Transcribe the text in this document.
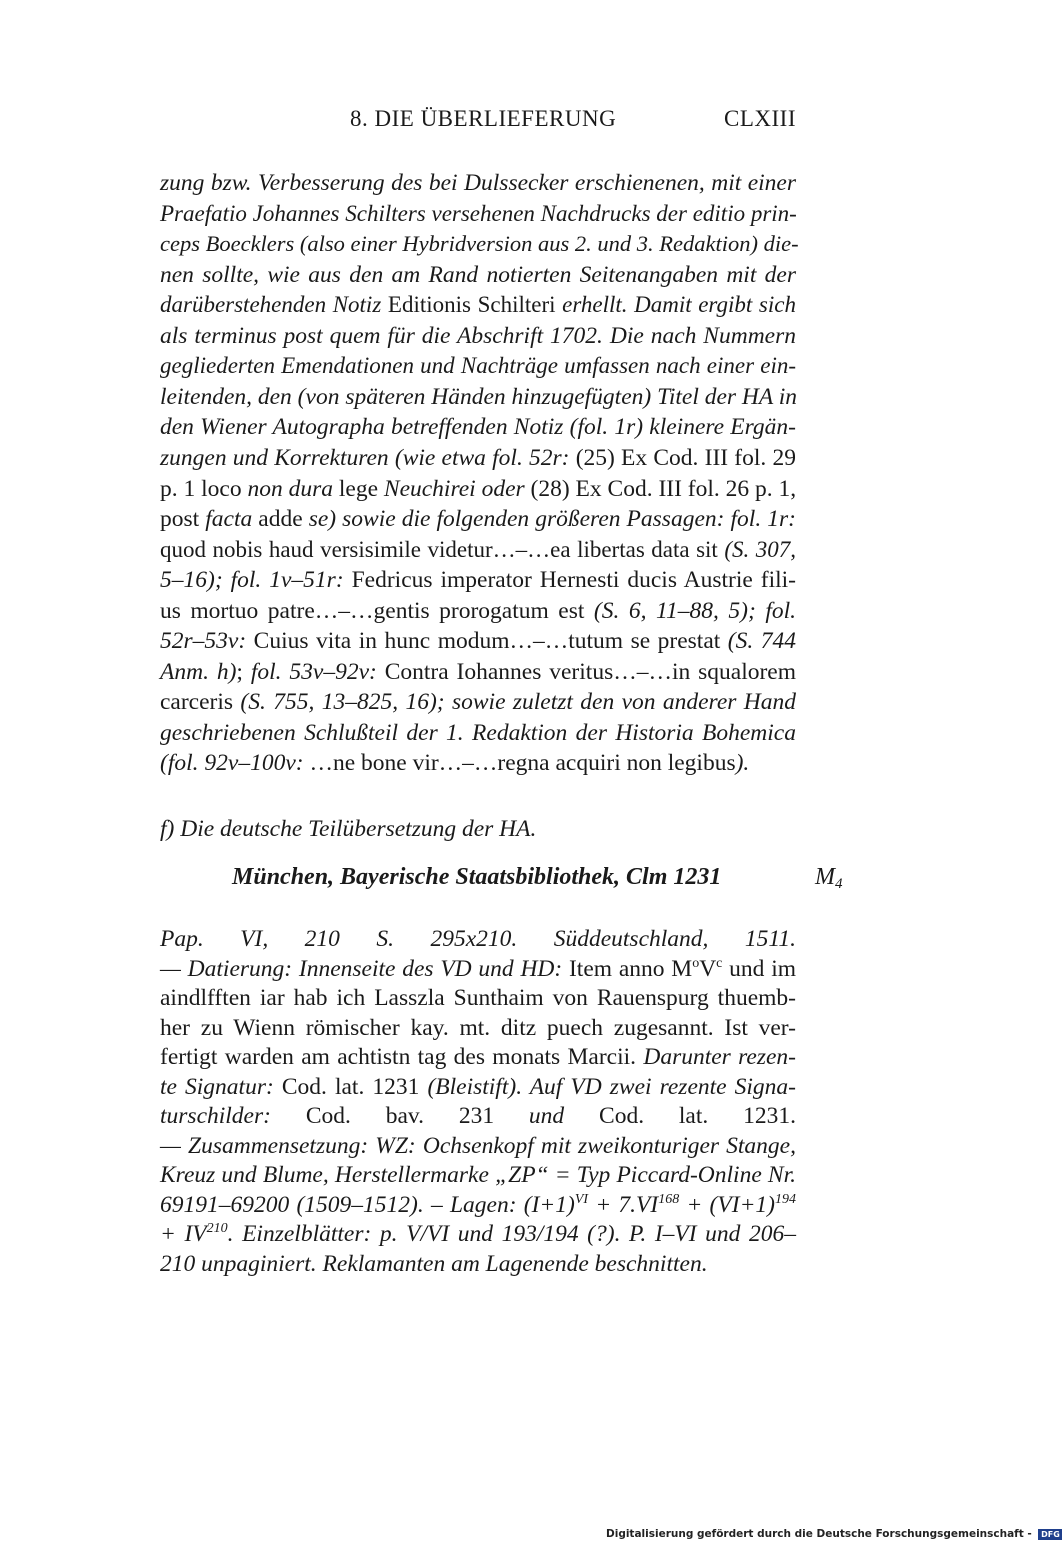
8. DIE ÜBERLIEFERUNG	CLXIII
zung bzw. Verbesserung des bei Dulssecker erschienenen, mit einer
Praefatio Johannes Schilters versehenen Nachdrucks der editio prin-
ceps Boecklers (also einer Hybridversion aus 2. und 3. Redaktion) die-
nen sollte, wie aus den am Rand notierten Seitenangaben mit der
darüberstehenden Notiz Editionis Schilteri erhellt. Damit ergibt sich
als terminus post quem für die Abschrift 1702. Die nach Nummern
gegliederten Emendationen und Nachträge umfassen nach einer ein-
leitenden, den (von späteren Händen hinzugefügten) Titel der HA in
den Wiener Autographa betreffenden Notiz (fol. 1r) kleinere Ergän-
zungen und Korrekturen (wie etwa fol. 52r: (25) Ex Cod. III fol. 29
p. 1 loco non dura lege Neuchirei oder (28) Ex Cod. III fol. 26 p. 1,
post facta adde se) sowie die folgenden größeren Passagen: fol. 1r:
quod nobis haud versisimile videtur…–…ea libertas data sit (S. 307,
5–16); fol. 1v–51r: Fedricus imperator Hernesti ducis Austrie fili-
us mortuo patre…–…gentis prorogatum est (S. 6, 11–88, 5); fol.
52r–53v: Cuius vita in hunc modum…–…tutum se prestat (S. 744
Anm. h); fol. 53v–92v: Contra Iohannes veritus…–…in squalorem
carceris (S. 755, 13–825, 16); sowie zuletzt den von anderer Hand
geschriebenen Schlußteil der 1. Redaktion der Historia Bohemica
(fol. 92v–100v: …ne bone vir…–…regna acquiri non legibus).
f) Die deutsche Teilübersetzung der HA.
München, Bayerische Staatsbibliothek, Clm 1231	$M_4$
Pap. VI, 210 S. 295x210. Süddeutschland, 1511.
— Datierung: Innenseite des VD und HD: Item anno $M^oV^c$ und im
aindlfften iar hab ich Lasszla Sunthaim von Rauenspurg thuemb-
her zu Wienn römischer kay. mt. ditz puech zugesannt. Ist ver-
fertigt warden am achtistn tag des monats Marcii. Darunter rezen-
te Signatur: Cod. lat. 1231 (Bleistift). Auf VD zwei rezente Signa-
turschilder: Cod. bav. 231 und Cod. lat. 1231.
— Zusammensetzung: WZ: Ochsenkopf mit zweikonturiger Stange,
Kreuz und Blume, Herstellermarke „ZP“ = Typ Piccard-Online Nr.
69191–69200 (1509–1512). – Lagen: $(I+1)^{VI} + 7.VI^{168} + (VI+1)^{194}$
+ $IV^{210}$. Einzelblätter: p. V/VI und 193/194 (?). P. I–VI und 206–
210 unpaginiert. Reklamanten am Lagenende beschnitten.
Digitalisierung gefördert durch die Deutsche Forschungsgemeinschaft - DFG
